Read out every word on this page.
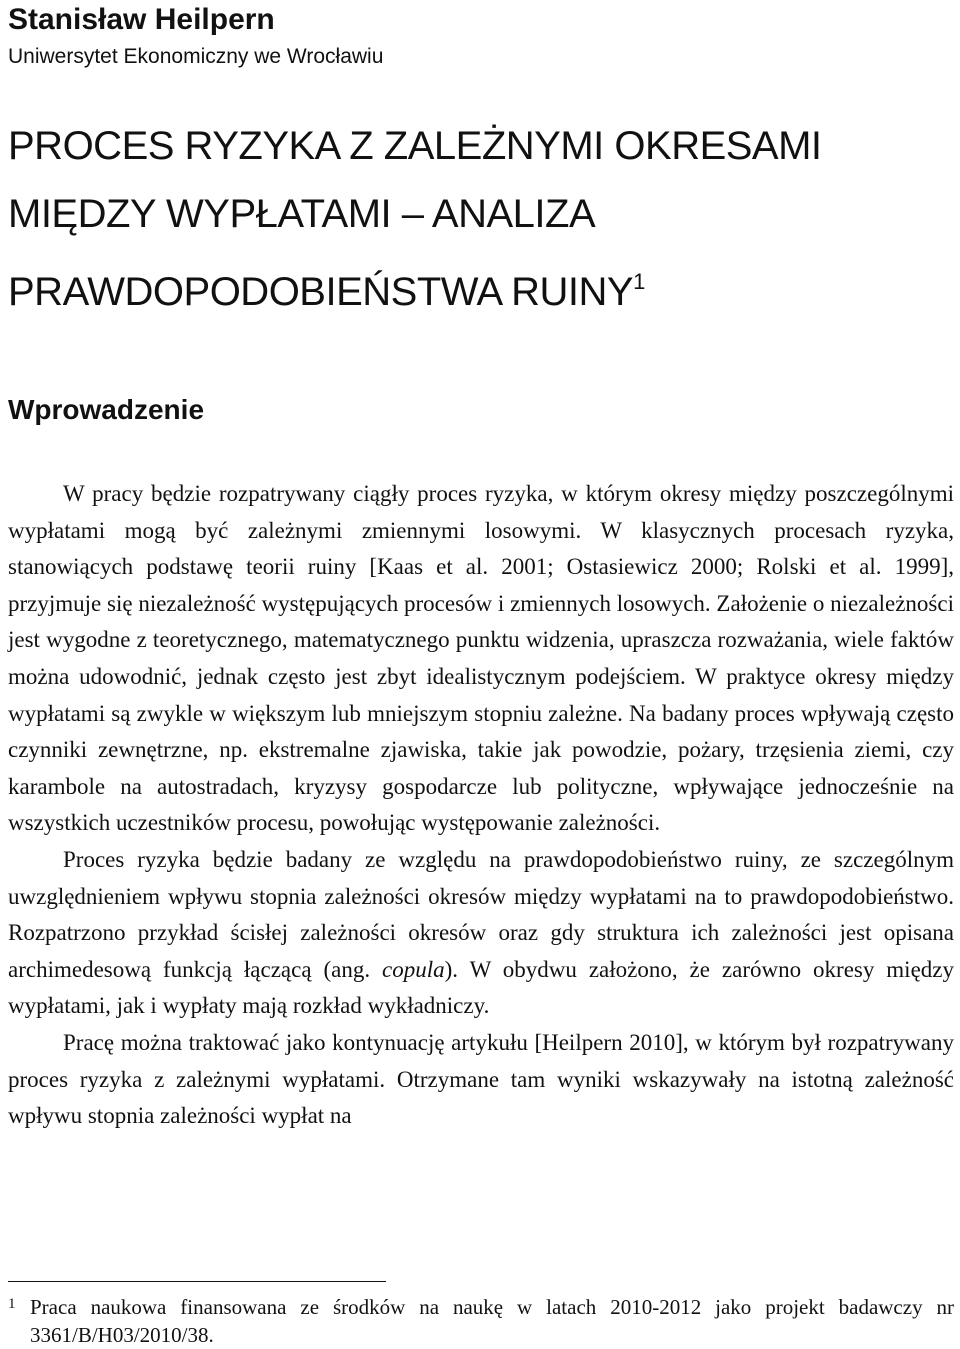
Stanisław Heilpern
Uniwersytet Ekonomiczny we Wrocławiu
PROCES RYZYKA Z ZALEŻNYMI OKRESAMI
MIĘDZY WYPŁATAMI – ANALIZA
PRAWDOPODOBIEŃSTWA RUINY$^1$
Wprowadzenie

W pracy będzie rozpatrywany ciągły proces ryzyka, w którym okresy między poszczególnymi wypłatami mogą być zależnymi zmiennymi losowymi. W klasycznych procesach ryzyka, stanowiących podstawę teorii ruiny [Kaas et al. 2001; Ostasiewicz 2000; Rolski et al. 1999], przyjmuje się niezależność występujących procesów i zmiennych losowych. Założenie o niezależności jest wygodne z teoretycznego, matematycznego punktu widzenia, upraszcza rozważania, wiele faktów można udowodnić, jednak często jest zbyt idealistycznym podejściem. W praktyce okresy między wypłatami są zwykle w większym lub mniejszym stopniu zależne. Na badany proces wpływają często czynniki zewnętrzne, np. ekstremalne zjawiska, takie jak powodzie, pożary, trzęsienia ziemi, czy karambole na autostradach, kryzysy gospodarcze lub polityczne, wpływające jednocześnie na wszystkich uczestników procesu, powołując występowanie zależności.

Proces ryzyka będzie badany ze względu na prawdopodobieństwo ruiny, ze szczególnym uwzględnieniem wpływu stopnia zależności okresów między wypłatami na to prawdopodobieństwo. Rozpatrzono przykład ścisłej zależności okresów oraz gdy struktura ich zależności jest opisana archimedesową funkcją łączącą (ang. copula). W obydwu założono, że zarówno okresy między wypłatami, jak i wypłaty mają rozkład wykładniczy.

Pracę można traktować jako kontynuację artykułu [Heilpern 2010], w którym był rozpatrywany proces ryzyka z zależnymi wypłatami. Otrzymane tam wyniki wskazywały na istotną zależność wpływu stopnia zależności wypłat na

1 Praca naukowa finansowana ze środków na naukę w latach 2010-2012 jako projekt badawczy nr 3361/B/H03/2010/38.
